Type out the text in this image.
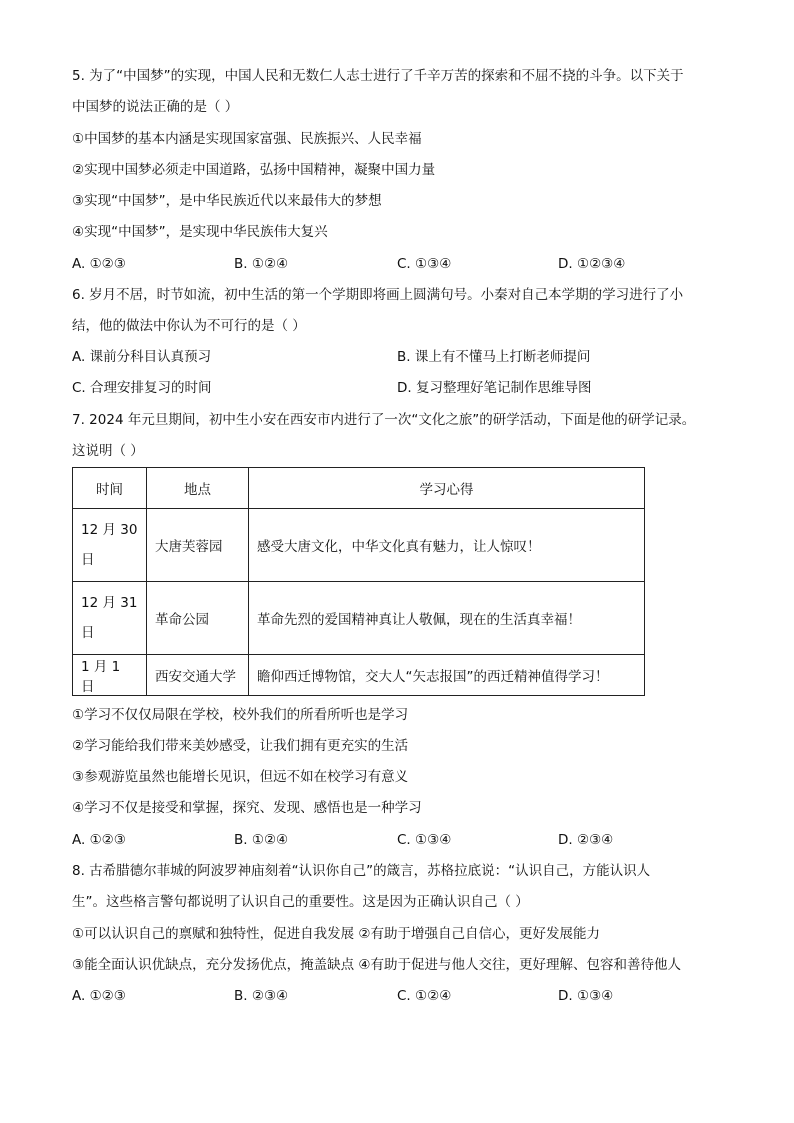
5. 为了“中国梦”的实现，中国人民和无数仁人志士进行了千辛万苦的探索和不屈不挠的斗争。以下关于
中国梦的说法正确的是（ ）
①中国梦的基本内涵是实现国家富强、民族振兴、人民幸福
②实现中国梦必须走中国道路，弘扬中国精神，凝聚中国力量
③实现“中国梦”，是中华民族近代以来最伟大的梦想
④实现“中国梦”，是实现中华民族伟大复兴
A. ①②③	B. ①②④	C. ①③④	D. ①②③④
6. 岁月不居，时节如流，初中生活的第一个学期即将画上圆满句号。小秦对自己本学期的学习进行了小
结，他的做法中你认为不可行的是（ ）
A. 课前分科目认真预习	B. 课上有不懂马上打断老师提问
C. 合理安排复习的时间	D. 复习整理好笔记制作思维导图
7. 2024 年元旦期间，初中生小安在西安市内进行了一次“文化之旅”的研学活动，下面是他的研学记录。
这说明（ ）
时间	地点	学习心得

12 月 30
日	大唐芙蓉园	感受大唐文化，中华文化真有魅力，让人惊叹！

12 月 31
日	革命公园	革命先烈的爱国精神真让人敬佩，现在的生活真幸福！

1 月 1 日	西安交通大学	瞻仰西迁博物馆，交大人“矢志报国”的西迁精神值得学习！
①学习不仅仅局限在学校，校外我们的所看所听也是学习
②学习能给我们带来美妙感受，让我们拥有更充实的生活
③参观游览虽然也能增长见识，但远不如在校学习有意义
④学习不仅是接受和掌握，探究、发现、感悟也是一种学习
A. ①②③	B. ①②④	C. ①③④	D. ②③④
8. 古希腊德尔菲城的阿波罗神庙刻着“认识你自己”的箴言，苏格拉底说：“认识自己，方能认识人
生”。这些格言警句都说明了认识自己的重要性。这是因为正确认识自己（ ）
①可以认识自己的禀赋和独特性，促进自我发展 ②有助于增强自己自信心，更好发展能力
③能全面认识优缺点，充分发扬优点，掩盖缺点 ④有助于促进与他人交往，更好理解、包容和善待他人
A. ①②③	B. ②③④	C. ①②④	D. ①③④
